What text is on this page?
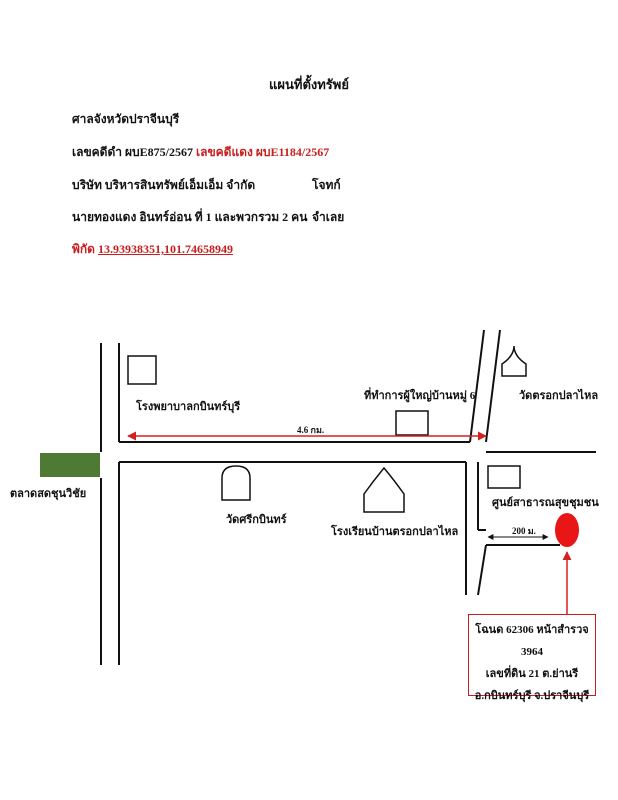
แผนที่ตั้งทรัพย์
ศาลจังหวัดปราจีนบุรี
เลขคดีดำ ผบE875/2567 เลขคดีแดง ผบE1184/2567
บริษัท บริหารสินทรัพย์เอ็มเอ็ม จำกัด	โจทก์
นายทองแดง อินทร์อ่อน ที่ 1 และพวกรวม 2 คน จำเลย
พิกัด 13.93938351,101.74658949
โรงพยาบาลกบินทร์บุรี
ที่ทำการผู้ใหญ่บ้านหมู่ 6	วัดตรอกปลาไหล
4.6 กม.
ตลาดสดชุนวิชัย
วัดศรีกบินทร์
โรงเรียนบ้านตรอกปลาไหล
ศูนย์สาธารณสุขชุมชน
200 ม.
โฉนด 62306 หน้าสำรวจ 3964
เลขที่ดิน 21 ต.ย่านรี
อ.กบินทร์บุรี จ.ปราจีนบุรี
